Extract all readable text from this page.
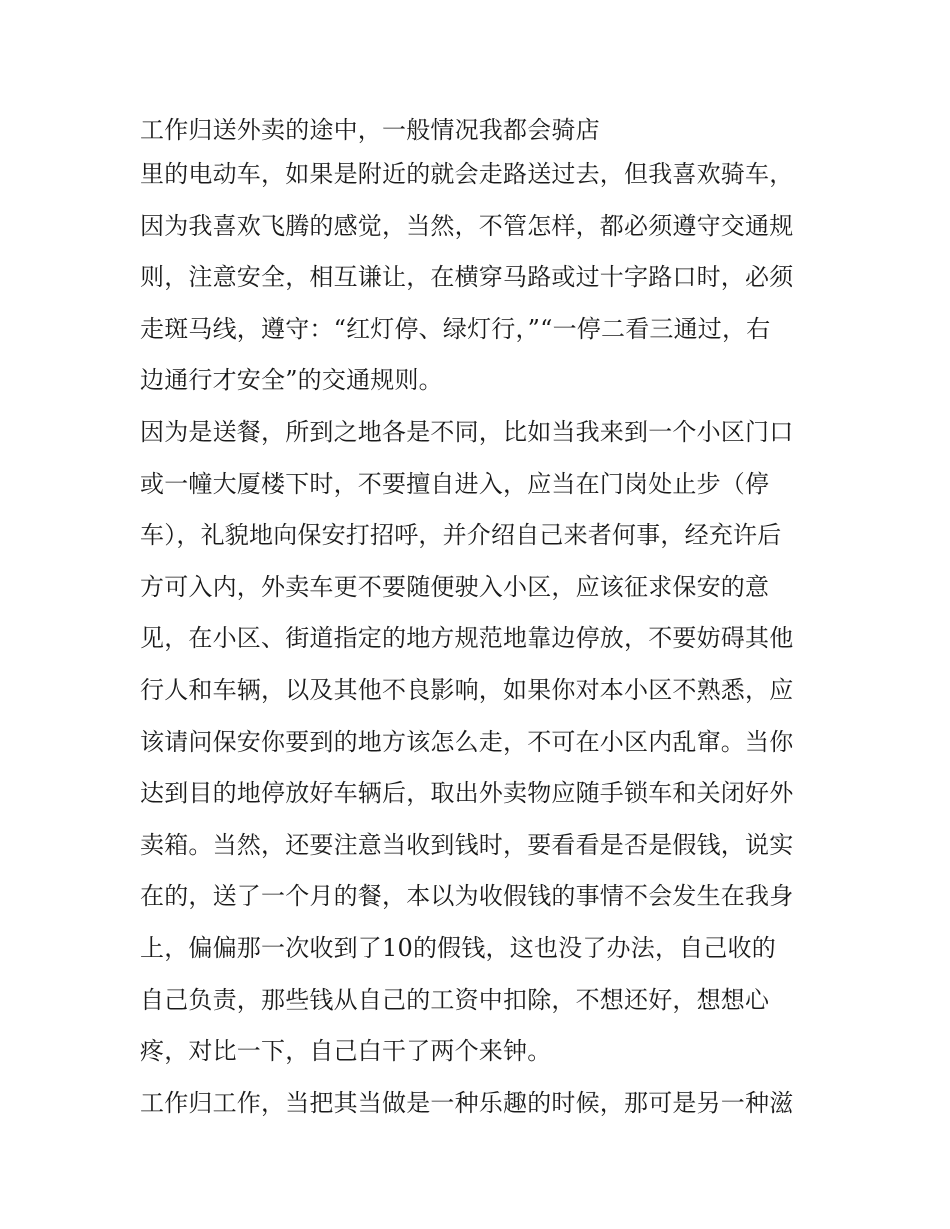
工作归送外卖的途中，一般情况我都会骑店
里的电动车，如果是附近的就会走路送过去，但我喜欢骑车，
因为我喜欢飞腾的感觉，当然，不管怎样，都必须遵守交通规
则，注意安全，相互谦让，在横穿马路或过十字路口时，必须
走斑马线，遵守：“红灯停、绿灯行，”“一停二看三通过，右
边通行才安全”的交通规则。
因为是送餐，所到之地各是不同，比如当我来到一个小区门口
或一幢大厦楼下时，不要擅自进入，应当在门岗处止步（停
车），礼貌地向保安打招呼，并介绍自己来者何事，经充许后
方可入内，外卖车更不要随便驶入小区，应该征求保安的意
见，在小区、街道指定的地方规范地靠边停放，不要妨碍其他
行人和车辆，以及其他不良影响，如果你对本小区不熟悉，应
该请问保安你要到的地方该怎么走，不可在小区内乱窜。当你
达到目的地停放好车辆后，取出外卖物应随手锁车和关闭好外
卖箱。当然，还要注意当收到钱时，要看看是否是假钱，说实
在的，送了一个月的餐，本以为收假钱的事情不会发生在我身
上，偏偏那一次收到了10的假钱，这也没了办法，自己收的
自己负责，那些钱从自己的工资中扣除，不想还好，想想心
疼，对比一下，自己白干了两个来钟。
工作归工作，当把其当做是一种乐趣的时候，那可是另一种滋
